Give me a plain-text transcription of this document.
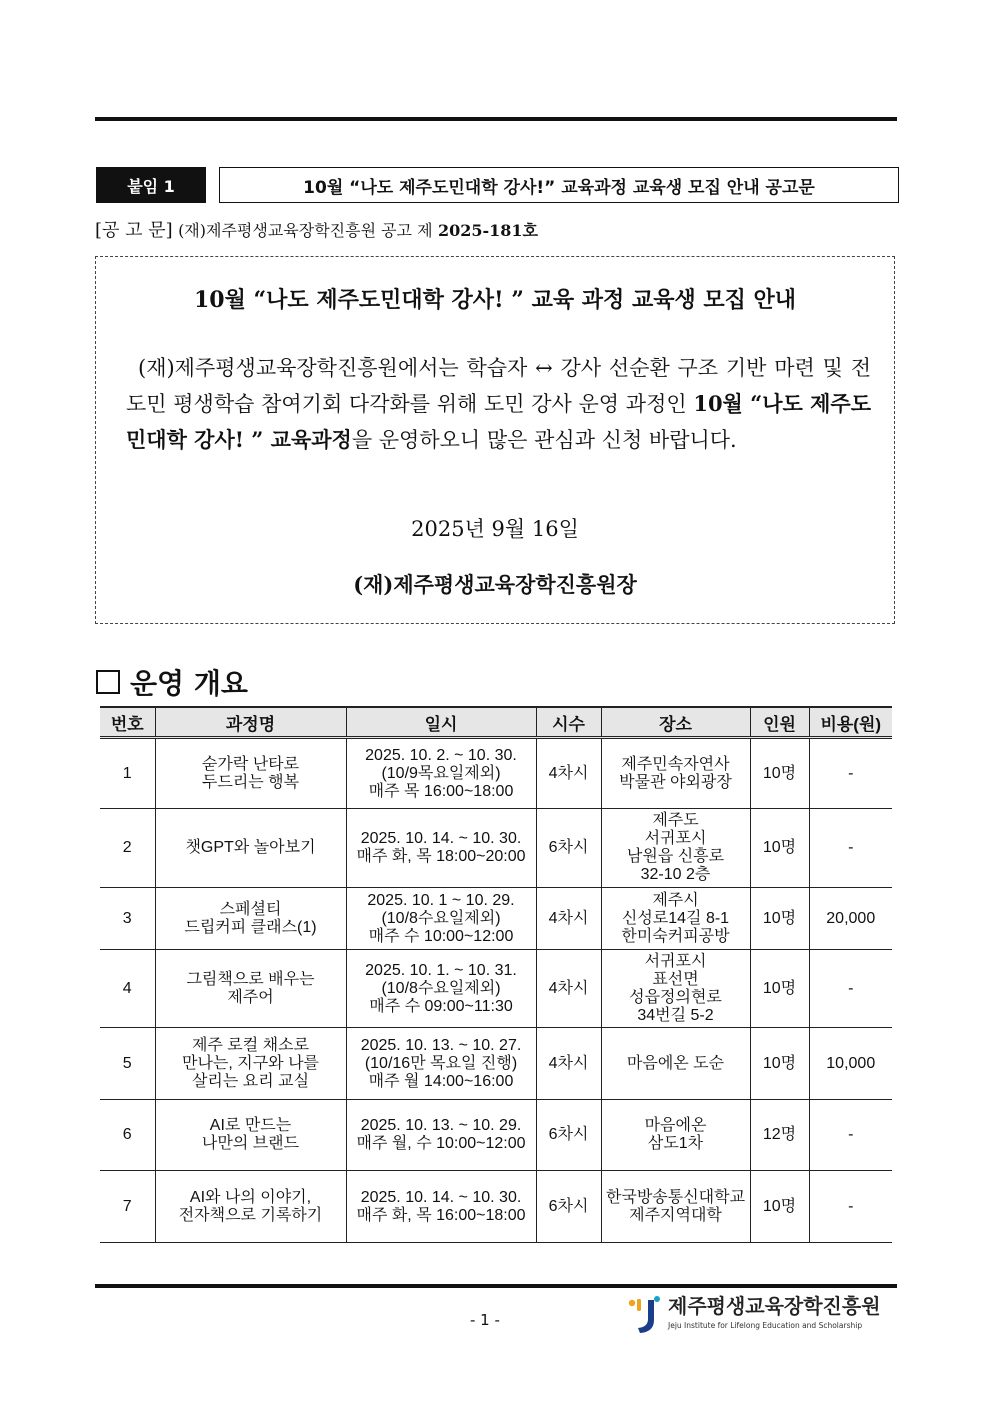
붙임 1	10월 “나도 제주도민대학 강사!” 교육과정 교육생 모집 안내 공고문
[공 고 문] (재)제주평생교육장학진흥원 공고 제 2025-181호
10월 “나도 제주도민대학 강사! ” 교육 과정 교육생 모집 안내
(재)제주평생교육장학진흥원에서는 학습자 ↔ 강사 선순환 구조 기반 마련 및 전 도민 평생학습 참여기회 다각화를 위해 도민 강사 운영 과정인 10월 “나도 제주도민대학 강사! ” 교육과정을 운영하오니 많은 관심과 신청 바랍니다.
2025년 9월 16일
(재)제주평생교육장학진흥원장
운영 개요
번호	과정명	일시	시수	장소	인원	비용(원)
1	숟가락 난타로
두드리는 행복	2025. 10. 2. ~ 10. 30.
(10/9목요일제외)
매주 목 16:00~18:00	4차시	제주민속자연사
박물관 야외광장	10명	-
2	챗GPT와 놀아보기	2025. 10. 14. ~ 10. 30.
매주 화, 목 18:00~20:00	6차시	제주도
서귀포시
남원읍 신흥로
32-10 2층	10명	-
3	스페셜티
드립커피 클래스(1)	2025. 10. 1 ~ 10. 29.
(10/8수요일제외)
매주 수 10:00~12:00	4차시	제주시
신성로14길 8-1
한미숙커피공방	10명	20,000
4	그림책으로 배우는
제주어	2025. 10. 1. ~ 10. 31.
(10/8수요일제외)
매주 수 09:00~11:30	4차시	서귀포시
표선면
성읍정의현로
34번길 5-2	10명	-
5	제주 로컬 채소로
만나는, 지구와 나를
살리는 요리 교실	2025. 10. 13. ~ 10. 27.
(10/16만 목요일 진행)
매주 월 14:00~16:00	4차시	마음에온 도순	10명	10,000
6	AI로 만드는
나만의 브랜드	2025. 10. 13. ~ 10. 29.
매주 월, 수 10:00~12:00	6차시	마음에온
삼도1차	12명	-
7	AI와 나의 이야기,
전자책으로 기록하기	2025. 10. 14. ~ 10. 30.
매주 화, 목 16:00~18:00	6차시	한국방송통신대학교
제주지역대학	10명	-
- 1 -
제주평생교육장학진흥원
Jeju Institute for Lifelong Education and Scholarship
